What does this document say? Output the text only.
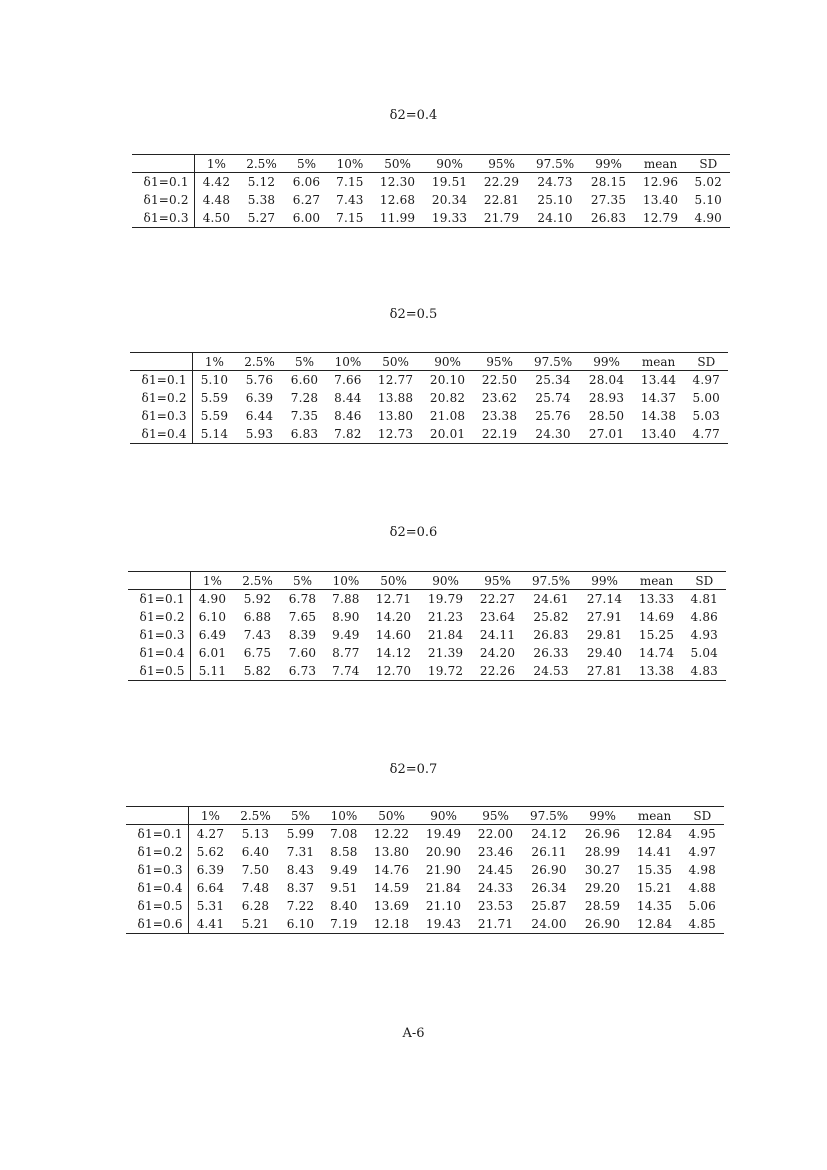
δ2=0.4
	1%	2.5%	5%	10%	50%	90%	95%	97.5%	99%	mean	SD
δ1=0.1	4.42	5.12	6.06	7.15	12.30	19.51	22.29	24.73	28.15	12.96	5.02
δ1=0.2	4.48	5.38	6.27	7.43	12.68	20.34	22.81	25.10	27.35	13.40	5.10
δ1=0.3	4.50	5.27	6.00	7.15	11.99	19.33	21.79	24.10	26.83	12.79	4.90
δ2=0.5
	1%	2.5%	5%	10%	50%	90%	95%	97.5%	99%	mean	SD
δ1=0.1	5.10	5.76	6.60	7.66	12.77	20.10	22.50	25.34	28.04	13.44	4.97
δ1=0.2	5.59	6.39	7.28	8.44	13.88	20.82	23.62	25.74	28.93	14.37	5.00
δ1=0.3	5.59	6.44	7.35	8.46	13.80	21.08	23.38	25.76	28.50	14.38	5.03
δ1=0.4	5.14	5.93	6.83	7.82	12.73	20.01	22.19	24.30	27.01	13.40	4.77
δ2=0.6
	1%	2.5%	5%	10%	50%	90%	95%	97.5%	99%	mean	SD
δ1=0.1	4.90	5.92	6.78	7.88	12.71	19.79	22.27	24.61	27.14	13.33	4.81
δ1=0.2	6.10	6.88	7.65	8.90	14.20	21.23	23.64	25.82	27.91	14.69	4.86
δ1=0.3	6.49	7.43	8.39	9.49	14.60	21.84	24.11	26.83	29.81	15.25	4.93
δ1=0.4	6.01	6.75	7.60	8.77	14.12	21.39	24.20	26.33	29.40	14.74	5.04
δ1=0.5	5.11	5.82	6.73	7.74	12.70	19.72	22.26	24.53	27.81	13.38	4.83
δ2=0.7
	1%	2.5%	5%	10%	50%	90%	95%	97.5%	99%	mean	SD
δ1=0.1	4.27	5.13	5.99	7.08	12.22	19.49	22.00	24.12	26.96	12.84	4.95
δ1=0.2	5.62	6.40	7.31	8.58	13.80	20.90	23.46	26.11	28.99	14.41	4.97
δ1=0.3	6.39	7.50	8.43	9.49	14.76	21.90	24.45	26.90	30.27	15.35	4.98
δ1=0.4	6.64	7.48	8.37	9.51	14.59	21.84	24.33	26.34	29.20	15.21	4.88
δ1=0.5	5.31	6.28	7.22	8.40	13.69	21.10	23.53	25.87	28.59	14.35	5.06
δ1=0.6	4.41	5.21	6.10	7.19	12.18	19.43	21.71	24.00	26.90	12.84	4.85
A-6
